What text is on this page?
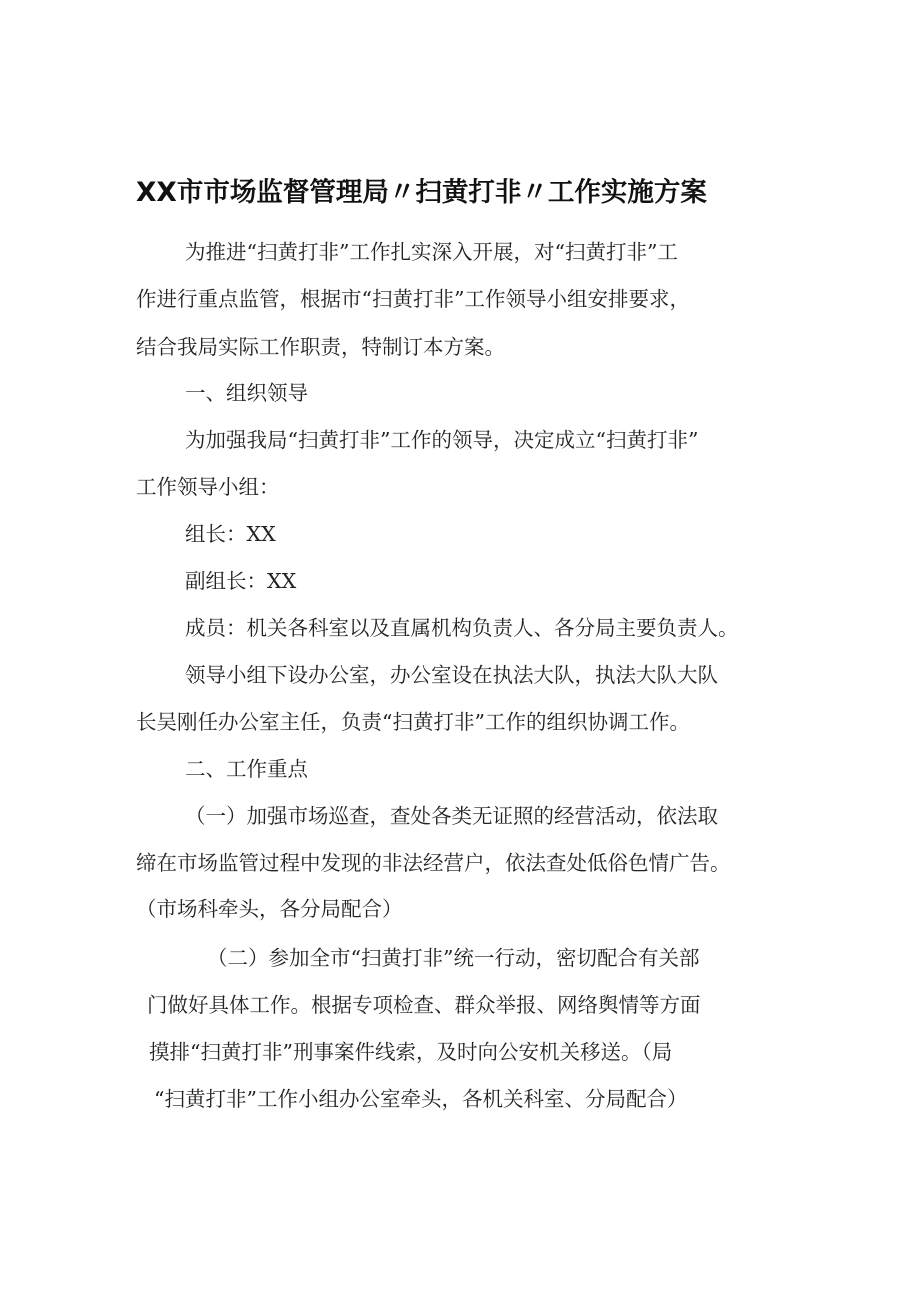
XX市市场监督管理局〃扫黄打非〃工作实施方案
为推进“扫黄打非”工作扎实深入开展，对“扫黄打非”工
作进行重点监管，根据市“扫黄打非”工作领导小组安排要求，
结合我局实际工作职责，特制订本方案。
一、组织领导
为加强我局“扫黄打非”工作的领导，决定成立“扫黄打非”
工作领导小组：
组长：XX
副组长：XX
成员：机关各科室以及直属机构负责人、各分局主要负责人。
领导小组下设办公室，办公室设在执法大队，执法大队大队
长吴刚任办公室主任，负责“扫黄打非”工作的组织协调工作。
二、工作重点
（一）加强市场巡查，查处各类无证照的经营活动，依法取
缔在市场监管过程中发现的非法经营户，依法查处低俗色情广告。
（市场科牵头，各分局配合）
（二）参加全市“扫黄打非”统一行动，密切配合有关部
门做好具体工作。根据专项检查、群众举报、网络舆情等方面
摸排“扫黄打非”刑事案件线索，及时向公安机关移送。（局
“扫黄打非”工作小组办公室牵头，各机关科室、分局配合）
